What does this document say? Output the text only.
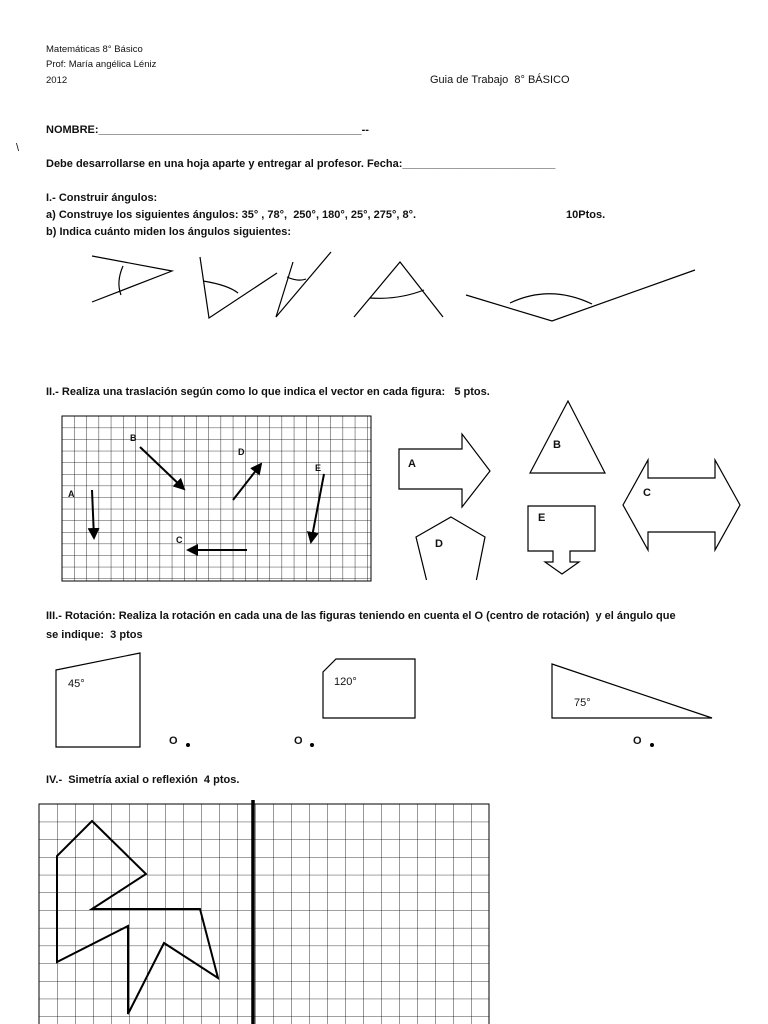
Matemáticas 8° Básico
Prof: María angélica Léniz
2012	Guia de Trabajo  8° BÁSICO
NOMBRE:___________________________________________--
\
Debe desarrollarse en una hoja aparte y entregar al profesor. Fecha:_________________________
I.- Construir ángulos:
a) Construye los siguientes ángulos: 35° , 78°,  250°, 180°, 25°, 275°, 8°.	10Ptos.
b) Indica cuánto miden los ángulos siguientes:
II.- Realiza una traslación según como lo que indica el vector en cada figura:   5 ptos.
A
B
C
D
E	A
B
C
D
E
III.- Rotación: Realiza la rotación en cada una de las figuras teniendo en cuenta el O (centro de rotación)  y el ángulo que
se indique:  3 ptos
45°	120°
75°
O	O	O
IV.-  Simetría axial o reflexión  4 ptos.
